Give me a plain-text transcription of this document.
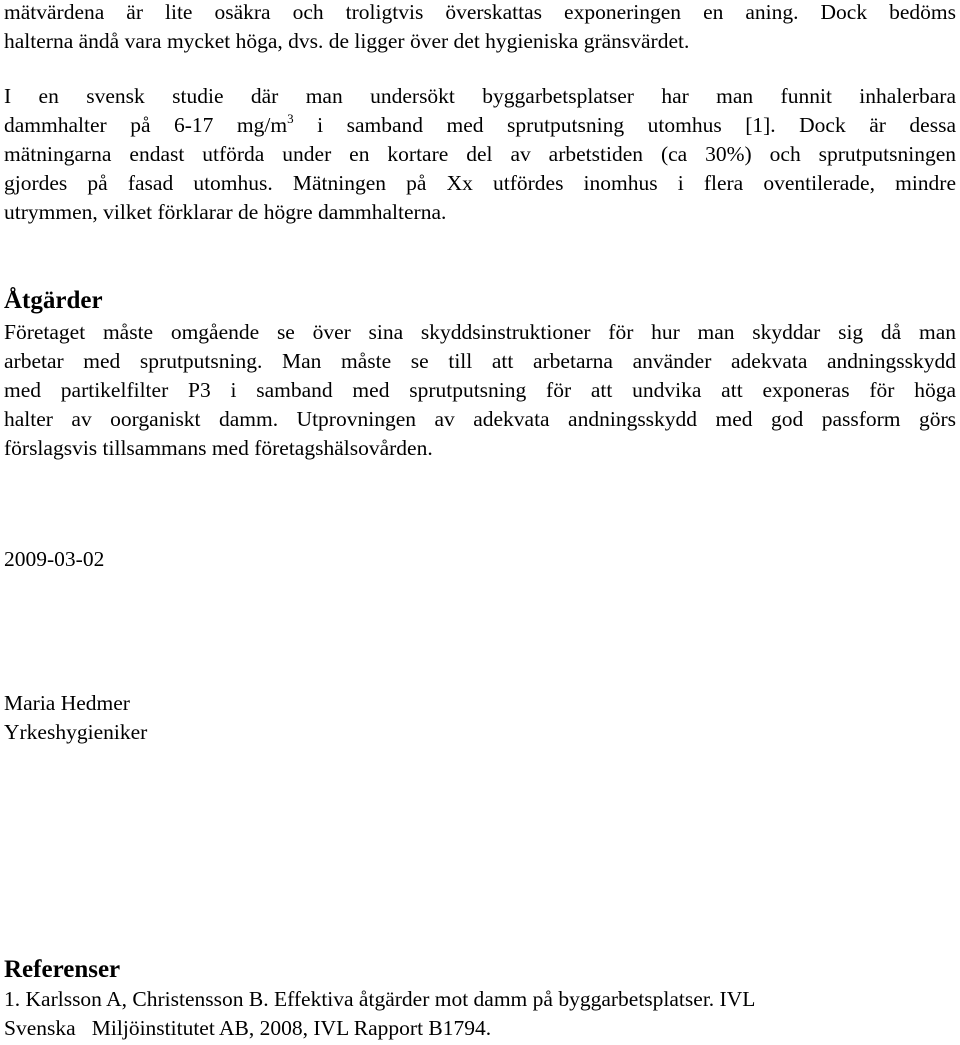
mätvärdena är lite osäkra och troligtvis överskattas exponeringen en aning. Dock bedöms
halterna ändå vara mycket höga, dvs. de ligger över det hygieniska gränsvärdet.

I en svensk studie där man undersökt byggarbetsplatser har man funnit inhalerbara
dammhalter på 6-17 $mg/m^3$ i samband med sprutputsning utomhus [1]. Dock är dessa
mätningarna endast utförda under en kortare del av arbetstiden (ca 30%) och sprutputsningen
gjordes på fasad utomhus. Mätningen på Xx utfördes inomhus i flera oventilerade, mindre
utrymmen, vilket förklarar de högre dammhalterna.

Åtgärder

Företaget måste omgående se över sina skyddsinstruktioner för hur man skyddar sig då man
arbetar med sprutputsning. Man måste se till att arbetarna använder adekvata andningsskydd
med partikelfilter P3 i samband med sprutputsning för att undvika att exponeras för höga
halter av oorganiskt damm. Utprovningen av adekvata andningsskydd med god passform görs
förslagsvis tillsammans med företagshälsovården.

2009-03-02

Maria Hedmer

Yrkeshygieniker

Referenser

1. Karlsson A, Christensson B. Effektiva åtgärder mot damm på byggarbetsplatser. IVL

Svenska   Miljöinstitutet AB, 2008, IVL Rapport B1794.
